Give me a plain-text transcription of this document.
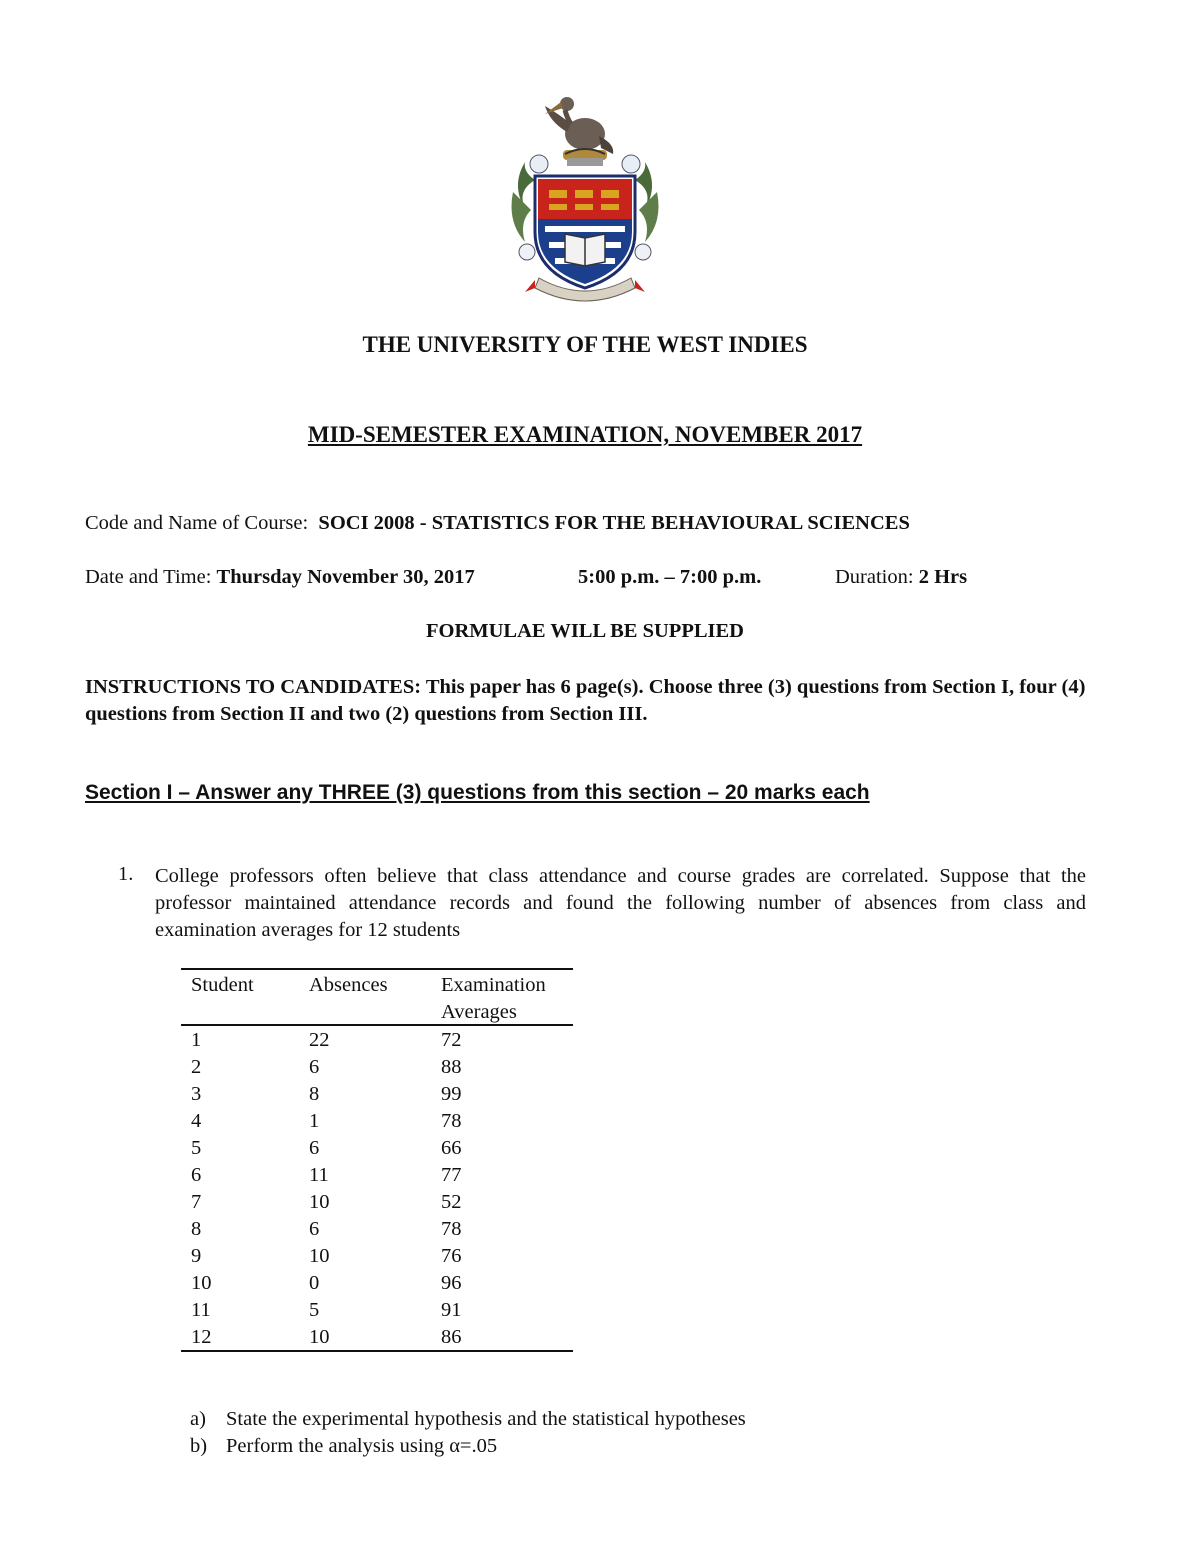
THE UNIVERSITY OF THE WEST INDIES
MID-SEMESTER EXAMINATION, NOVEMBER 2017
Code and Name of Course: SOCI 2008 - STATISTICS FOR THE BEHAVIOURAL SCIENCES
Date and Time: Thursday November 30, 2017	5:00 p.m. – 7:00 p.m.	Duration: 2 Hrs
FORMULAE WILL BE SUPPLIED
INSTRUCTIONS TO CANDIDATES: This paper has 6 page(s). Choose three (3) questions from Section I, four (4) questions from Section II and two (2) questions from Section III.
Section I – Answer any THREE (3) questions from this section – 20 marks each
1. College professors often believe that class attendance and course grades are correlated. Suppose that the professor maintained attendance records and found the following number of absences from class and examination averages for 12 students
Student	Absences	Examination
Averages
1	22	72
2	6	88
3	8	99
4	1	78
5	6	66
6	11	77
7	10	52
8	6	78
9	10	76
10	0	96
11	5	91
12	10	86
a) State the experimental hypothesis and the statistical hypotheses
b) Perform the analysis using α=.05
